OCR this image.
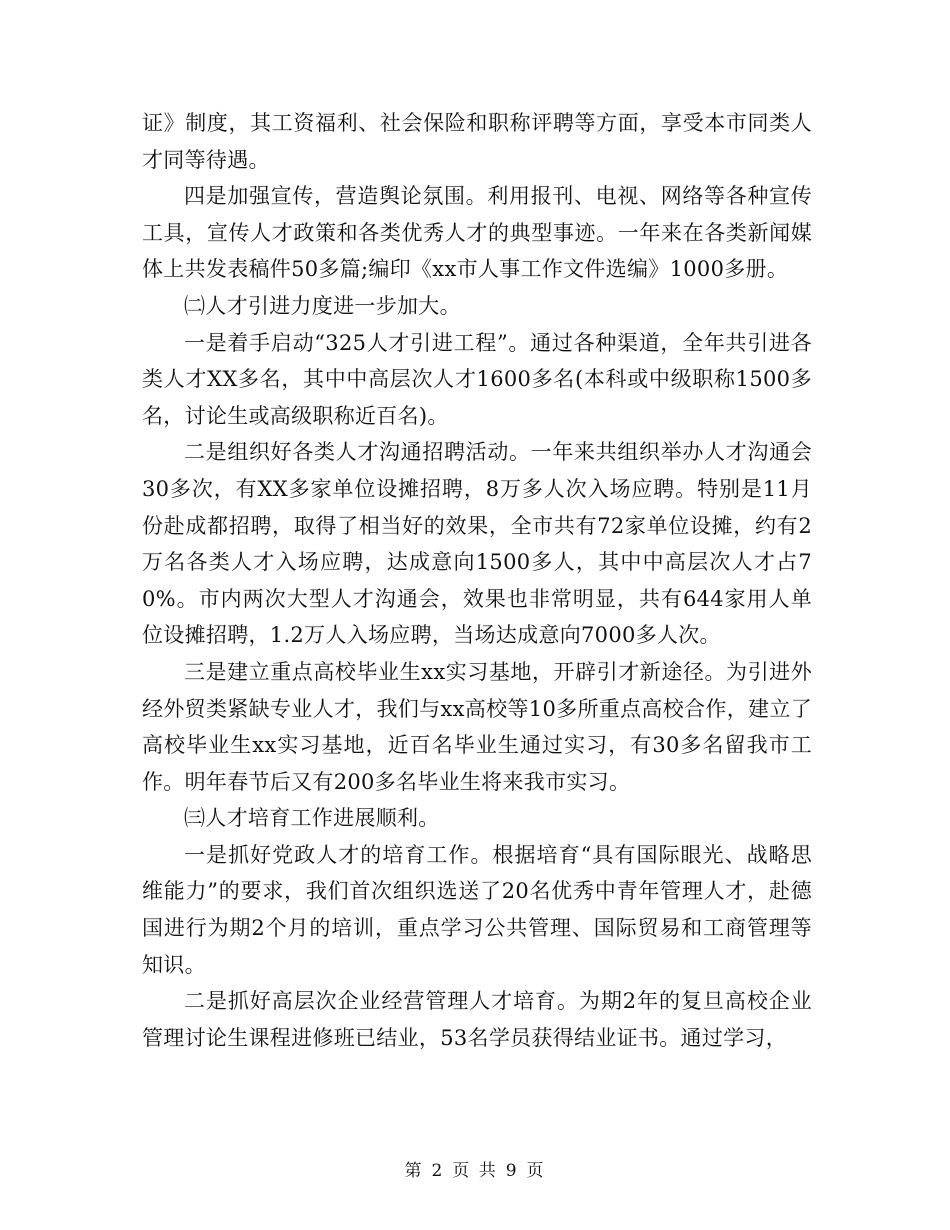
证》制度，其工资福利、社会保险和职称评聘等方面，享受本市同类人才同等待遇。

四是加强宣传，营造舆论氛围。利用报刊、电视、网络等各种宣传工具，宣传人才政策和各类优秀人才的典型事迹。一年来在各类新闻媒体上共发表稿件50多篇;编印《xx市人事工作文件选编》1000多册。

㈡人才引进力度进一步加大。

一是着手启动“325人才引进工程”。通过各种渠道，全年共引进各类人才XX多名，其中中高层次人才1600多名(本科或中级职称1500多名，讨论生或高级职称近百名)。

二是组织好各类人才沟通招聘活动。一年来共组织举办人才沟通会30多次，有XX多家单位设摊招聘，8万多人次入场应聘。特别是11月份赴成都招聘，取得了相当好的效果，全市共有72家单位设摊，约有2万名各类人才入场应聘，达成意向1500多人，其中中高层次人才占70%。市内两次大型人才沟通会，效果也非常明显，共有644家用人单位设摊招聘，1.2万人入场应聘，当场达成意向7000多人次。

三是建立重点高校毕业生xx实习基地，开辟引才新途径。为引进外经外贸类紧缺专业人才，我们与xx高校等10多所重点高校合作，建立了高校毕业生xx实习基地，近百名毕业生通过实习，有30多名留我市工作。明年春节后又有200多名毕业生将来我市实习。

㈢人才培育工作进展顺利。

一是抓好党政人才的培育工作。根据培育“具有国际眼光、战略思维能力”的要求，我们首次组织选送了20名优秀中青年管理人才，赴德国进行为期2个月的培训，重点学习公共管理、国际贸易和工商管理等知识。

二是抓好高层次企业经营管理人才培育。为期2年的复旦高校企业管理讨论生课程进修班已结业，53名学员获得结业证书。通过学习，

第 2 页 共 9 页
